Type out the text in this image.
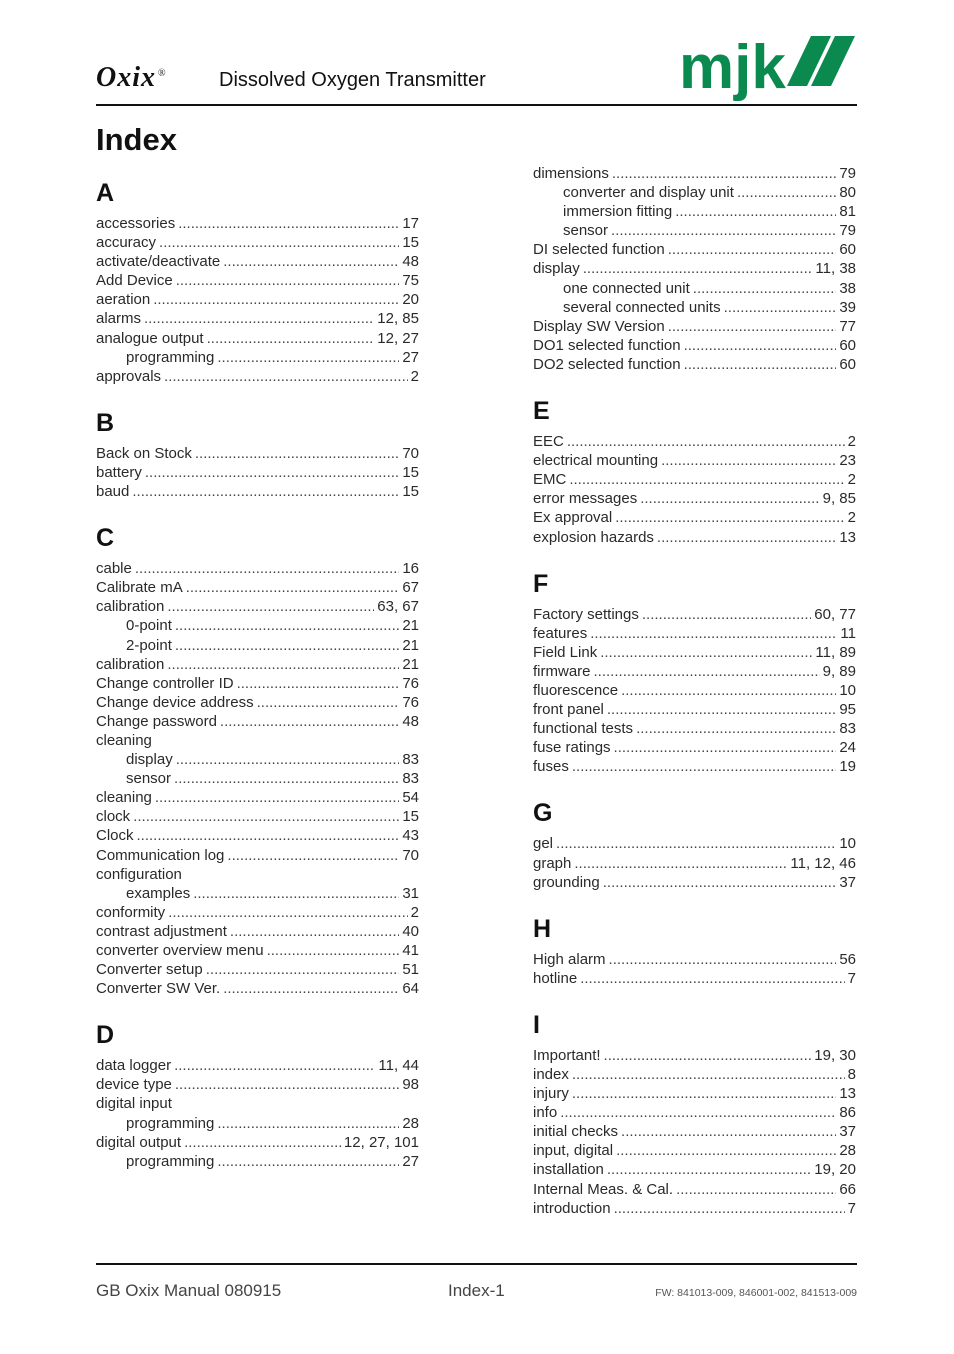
Oxix ®	Dissolved Oxygen Transmitter	mjk
Index
A
accessories .....	17
accuracy .....	15
activate/deactivate .....	48
Add Device .....	75
aeration .....	20
alarms .....	12, 85
analogue output .....	12, 27
programming .....	27
approvals .....	2
B
Back on Stock .....	70
battery .....	15
baud .....	15
C
cable .....	16
Calibrate mA .....	67
calibration .....	63, 67
0-point .....	21
2-point .....	21
calibration .....	21
Change controller ID .....	76
Change device address .....	76
Change password .....	48
cleaning
display .....	83
sensor .....	83
cleaning .....	54
clock .....	15
Clock .....	43
Communication log .....	70
configuration
examples .....	31
conformity .....	2
contrast adjustment .....	40
converter overview menu .....	41
Converter setup .....	51
Converter SW Ver. .....	64
D
data logger .....	11, 44
device type .....	98
digital input
programming .....	28
digital output .....	12, 27, 101
programming .....	27
dimensions .....	79
converter and display unit .....	80
immersion fitting .....	81
sensor .....	79
DI selected function .....	60
display .....	11, 38
one connected unit .....	38
several connected units .....	39
Display SW Version .....	77
DO1 selected function .....	60
DO2 selected function .....	60
E
EEC .....	2
electrical mounting .....	23
EMC .....	2
error messages .....	9, 85
Ex approval .....	2
explosion hazards .....	13
F
Factory settings .....	60, 77
features .....	11
Field Link .....	11, 89
firmware .....	9, 89
fluorescence .....	10
front panel .....	95
functional tests .....	83
fuse ratings .....	24
fuses .....	19
G
gel .....	10
graph .....	11, 12, 46
grounding .....	37
H
High alarm .....	56
hotline .....	7
I
Important! .....	19, 30
index .....	8
injury .....	13
info .....	86
initial checks .....	37
input, digital .....	28
installation .....	19, 20
Internal Meas. & Cal. .....	66
introduction .....	7
GB Oxix Manual 080915	Index-1	FW: 841013-009, 846001-002, 841513-009
